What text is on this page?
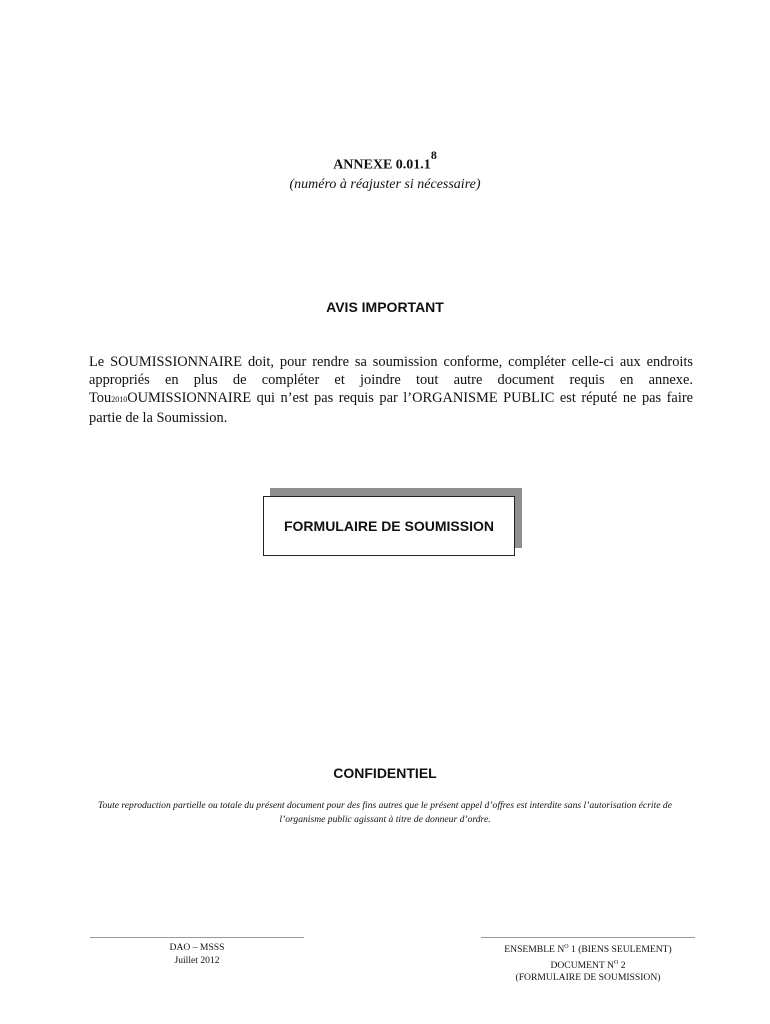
ANNEXE 0.01.1$^8$
(numéro à réajuster si nécessaire)
AVIS IMPORTANT
Le SOUMISSIONNAIRE doit, pour rendre sa soumission conforme, compléter celle-ci aux endroits appropriés en plus de compléter et joindre tout autre document requis en annexe. Tou2010OUMISSIONNAIRE qui n’est pas requis par l’ORGANISME PUBLIC est réputé ne pas faire partie de la Soumission.
FORMULAIRE DE SOUMISSION
CONFIDENTIEL
Toute reproduction partielle ou totale du présent document pour des fins autres que le présent appel d’offres est interdite sans l’autorisation écrite de l’organisme public agissant à titre de donneur d’ordre.
DAO – MSSS
Juillet 2012
ENSEMBLE $N^O$ 1 (BIENS SEULEMENT)
DOCUMENT $N^O$ 2
(FORMULAIRE DE SOUMISSION)
